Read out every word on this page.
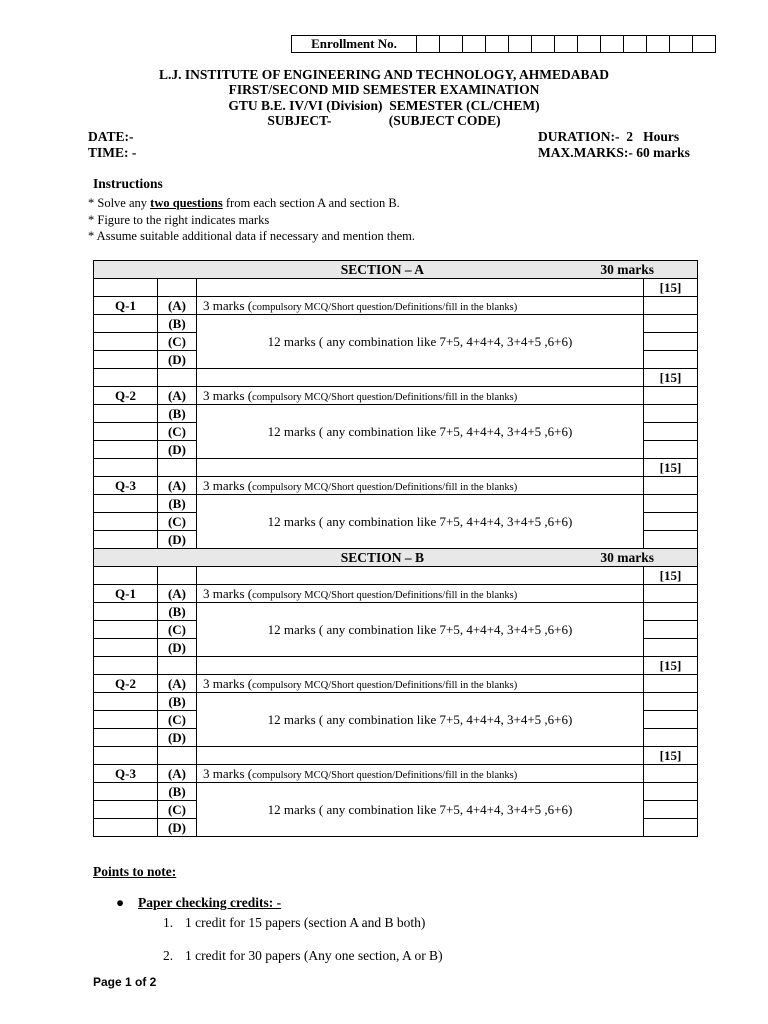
Enrollment No.
L.J. INSTITUTE OF ENGINEERING AND TECHNOLOGY, AHMEDABAD
FIRST/SECOND MID SEMESTER EXAMINATION
GTU B.E. IV/VI (Division)  SEMESTER (CL/CHEM)
SUBJECT-                 (SUBJECT CODE)
DATE:-
TIME: -
DURATION:-  2   Hours
MAX.MARKS:- 60 marks
Instructions
* Solve any two questions from each section A and section B.
* Figure to the right indicates marks
* Assume suitable additional data if necessary and mention them.
SECTION – A 30 marks			
			[15]
Q-1	(A)	3 marks (compulsory MCQ/Short question/Definitions/fill in the blanks)	
	(B)	12 marks ( any combination like 7+5, 4+4+4, 3+4+5 ,6+6)	
	(C)		
	(D)		
			[15]
Q-2	(A)	3 marks (compulsory MCQ/Short question/Definitions/fill in the blanks)	
	(B)	12 marks ( any combination like 7+5, 4+4+4, 3+4+5 ,6+6)	
	(C)		
	(D)		
			[15]
Q-3	(A)	3 marks (compulsory MCQ/Short question/Definitions/fill in the blanks)	
	(B)	12 marks ( any combination like 7+5, 4+4+4, 3+4+5 ,6+6)	
	(C)		
	(D)		
SECTION – B 30 marks			
			[15]
Q-1	(A)	3 marks (compulsory MCQ/Short question/Definitions/fill in the blanks)	
	(B)	12 marks ( any combination like 7+5, 4+4+4, 3+4+5 ,6+6)	
	(C)		
	(D)		
			[15]
Q-2	(A)	3 marks (compulsory MCQ/Short question/Definitions/fill in the blanks)	
	(B)	12 marks ( any combination like 7+5, 4+4+4, 3+4+5 ,6+6)	
	(C)		
	(D)		
			[15]
Q-3	(A)	3 marks (compulsory MCQ/Short question/Definitions/fill in the blanks)	
	(B)	12 marks ( any combination like 7+5, 4+4+4, 3+4+5 ,6+6)	
	(C)		
	(D)		
Points to note:
● Paper checking credits: -
1. 1 credit for 15 papers (section A and B both)
2. 1 credit for 30 papers (Any one section, A or B)
Page 1 of 2
